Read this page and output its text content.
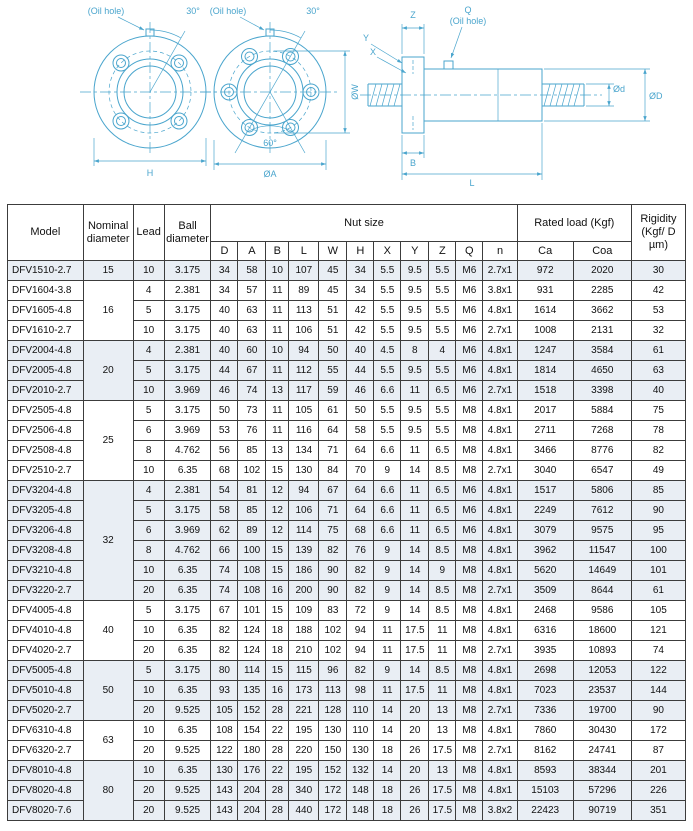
(Oil hole)	30°
H
(Oil hole)	30°
60°
ØA
ØW
Z
Y
X
Q
(Oil hole)
Ød
ØD
B
L
Model	Nominal diameter	Lead	Ball diameter	Nut size											Rated load (Kgf)		Rigidity (Kgf/ D µm)
				D	A	B	L	W	H	X	Y	Z	Q	n	Ca	Coa	
DFV1510-2.7	15	10	3.175	34	58	10	107	45	34	5.5	9.5	5.5	M6	2.7x1	972	2020	30
DFV1604-3.8	16	4	2.381	34	57	11	89	45	34	5.5	9.5	5.5	M6	3.8x1	931	2285	42
DFV1605-4.8		5	3.175	40	63	11	113	51	42	5.5	9.5	5.5	M6	4.8x1	1614	3662	53
DFV1610-2.7		10	3.175	40	63	11	106	51	42	5.5	9.5	5.5	M6	2.7x1	1008	2131	32
DFV2004-4.8	20	4	2.381	40	60	10	94	50	40	4.5	8	4	M6	4.8x1	1247	3584	61
DFV2005-4.8		5	3.175	44	67	11	112	55	44	5.5	9.5	5.5	M6	4.8x1	1814	4650	63
DFV2010-2.7		10	3.969	46	74	13	117	59	46	6.6	11	6.5	M6	2.7x1	1518	3398	40
DFV2505-4.8	25	5	3.175	50	73	11	105	61	50	5.5	9.5	5.5	M8	4.8x1	2017	5884	75
DFV2506-4.8		6	3.969	53	76	11	116	64	58	5.5	9.5	5.5	M8	4.8x1	2711	7268	78
DFV2508-4.8		8	4.762	56	85	13	134	71	64	6.6	11	6.5	M8	4.8x1	3466	8776	82
DFV2510-2.7		10	6.35	68	102	15	130	84	70	9	14	8.5	M8	2.7x1	3040	6547	49
DFV3204-4.8	32	4	2.381	54	81	12	94	67	64	6.6	11	6.5	M6	4.8x1	1517	5806	85
DFV3205-4.8		5	3.175	58	85	12	106	71	64	6.6	11	6.5	M6	4.8x1	2249	7612	90
DFV3206-4.8		6	3.969	62	89	12	114	75	68	6.6	11	6.5	M6	4.8x1	3079	9575	95
DFV3208-4.8		8	4.762	66	100	15	139	82	76	9	14	8.5	M8	4.8x1	3962	11547	100
DFV3210-4.8		10	6.35	74	108	15	186	90	82	9	14	9	M8	4.8x1	5620	14649	101
DFV3220-2.7		20	6.35	74	108	16	200	90	82	9	14	8.5	M8	2.7x1	3509	8644	61
DFV4005-4.8	40	5	3.175	67	101	15	109	83	72	9	14	8.5	M8	4.8x1	2468	9586	105
DFV4010-4.8		10	6.35	82	124	18	188	102	94	11	17.5	11	M8	4.8x1	6316	18600	121
DFV4020-2.7		20	6.35	82	124	18	210	102	94	11	17.5	11	M8	2.7x1	3935	10893	74
DFV5005-4.8	50	5	3.175	80	114	15	115	96	82	9	14	8.5	M8	4.8x1	2698	12053	122
DFV5010-4.8		10	6.35	93	135	16	173	113	98	11	17.5	11	M8	4.8x1	7023	23537	144
DFV5020-2.7		20	9.525	105	152	28	221	128	110	14	20	13	M8	2.7x1	7336	19700	90
DFV6310-4.8	63	10	6.35	108	154	22	195	130	110	14	20	13	M8	4.8x1	7860	30430	172
DFV6320-2.7		20	9.525	122	180	28	220	150	130	18	26	17.5	M8	2.7x1	8162	24741	87
DFV8010-4.8	80	10	6.35	130	176	22	195	152	132	14	20	13	M8	4.8x1	8593	38344	201
DFV8020-4.8		20	9.525	143	204	28	340	172	148	18	26	17.5	M8	4.8x1	15103	57296	226
DFV8020-7.6		20	9.525	143	204	28	440	172	148	18	26	17.5	M8	3.8x2	22423	90719	351
